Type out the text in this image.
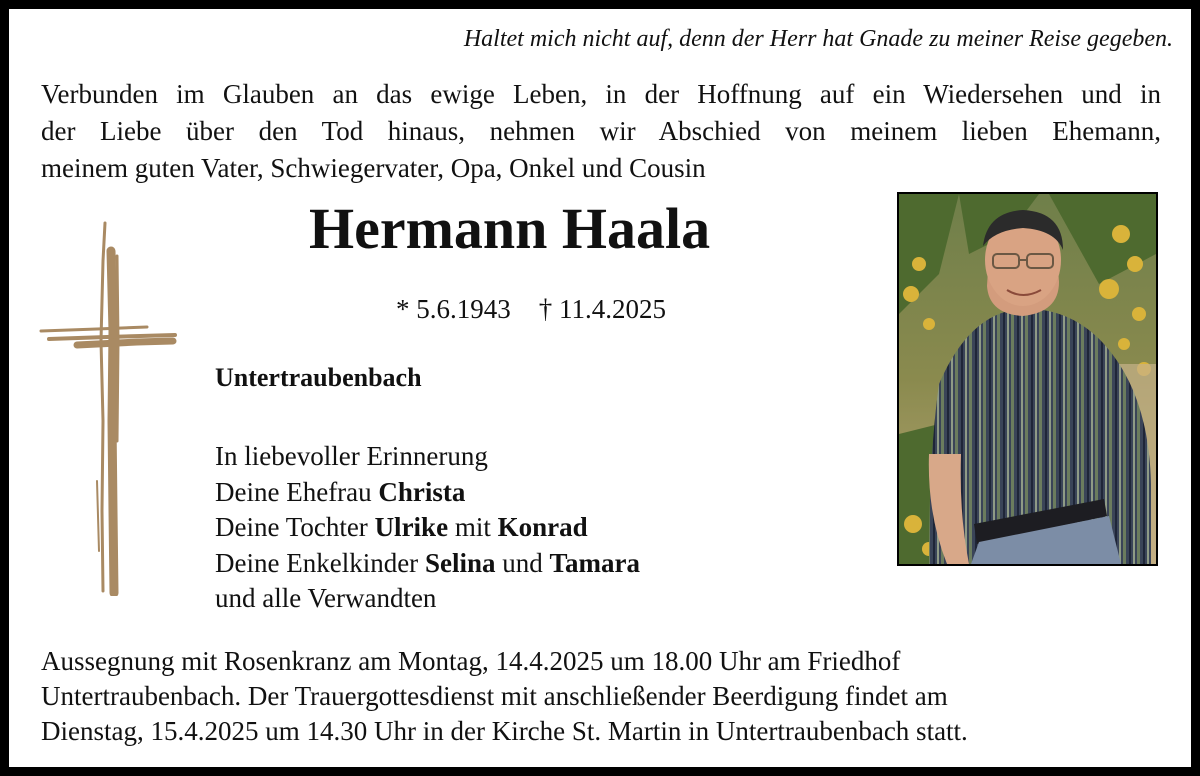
Haltet mich nicht auf, denn der Herr hat Gnade zu meiner Reise gegeben.
Verbunden im Glauben an das ewige Leben, in der Hoffnung auf ein Wiedersehen und in
der Liebe über den Tod hinaus, nehmen wir Abschied von meinem lieben Ehemann,
meinem guten Vater, Schwiegervater, Opa, Onkel und Cousin
Hermann Haala
* 5.6.1943 † 11.4.2025
Untertraubenbach
In liebevoller Erinnerung
Deine Ehefrau Christa
Deine Tochter Ulrike mit Konrad
Deine Enkelkinder Selina und Tamara
und alle Verwandten
Aussegnung mit Rosenkranz am Montag, 14.4.2025 um 18.00 Uhr am Friedhof
Untertraubenbach. Der Trauergottesdienst mit anschließender Beerdigung findet am
Dienstag, 15.4.2025 um 14.30 Uhr in der Kirche St. Martin in Untertraubenbach statt.
